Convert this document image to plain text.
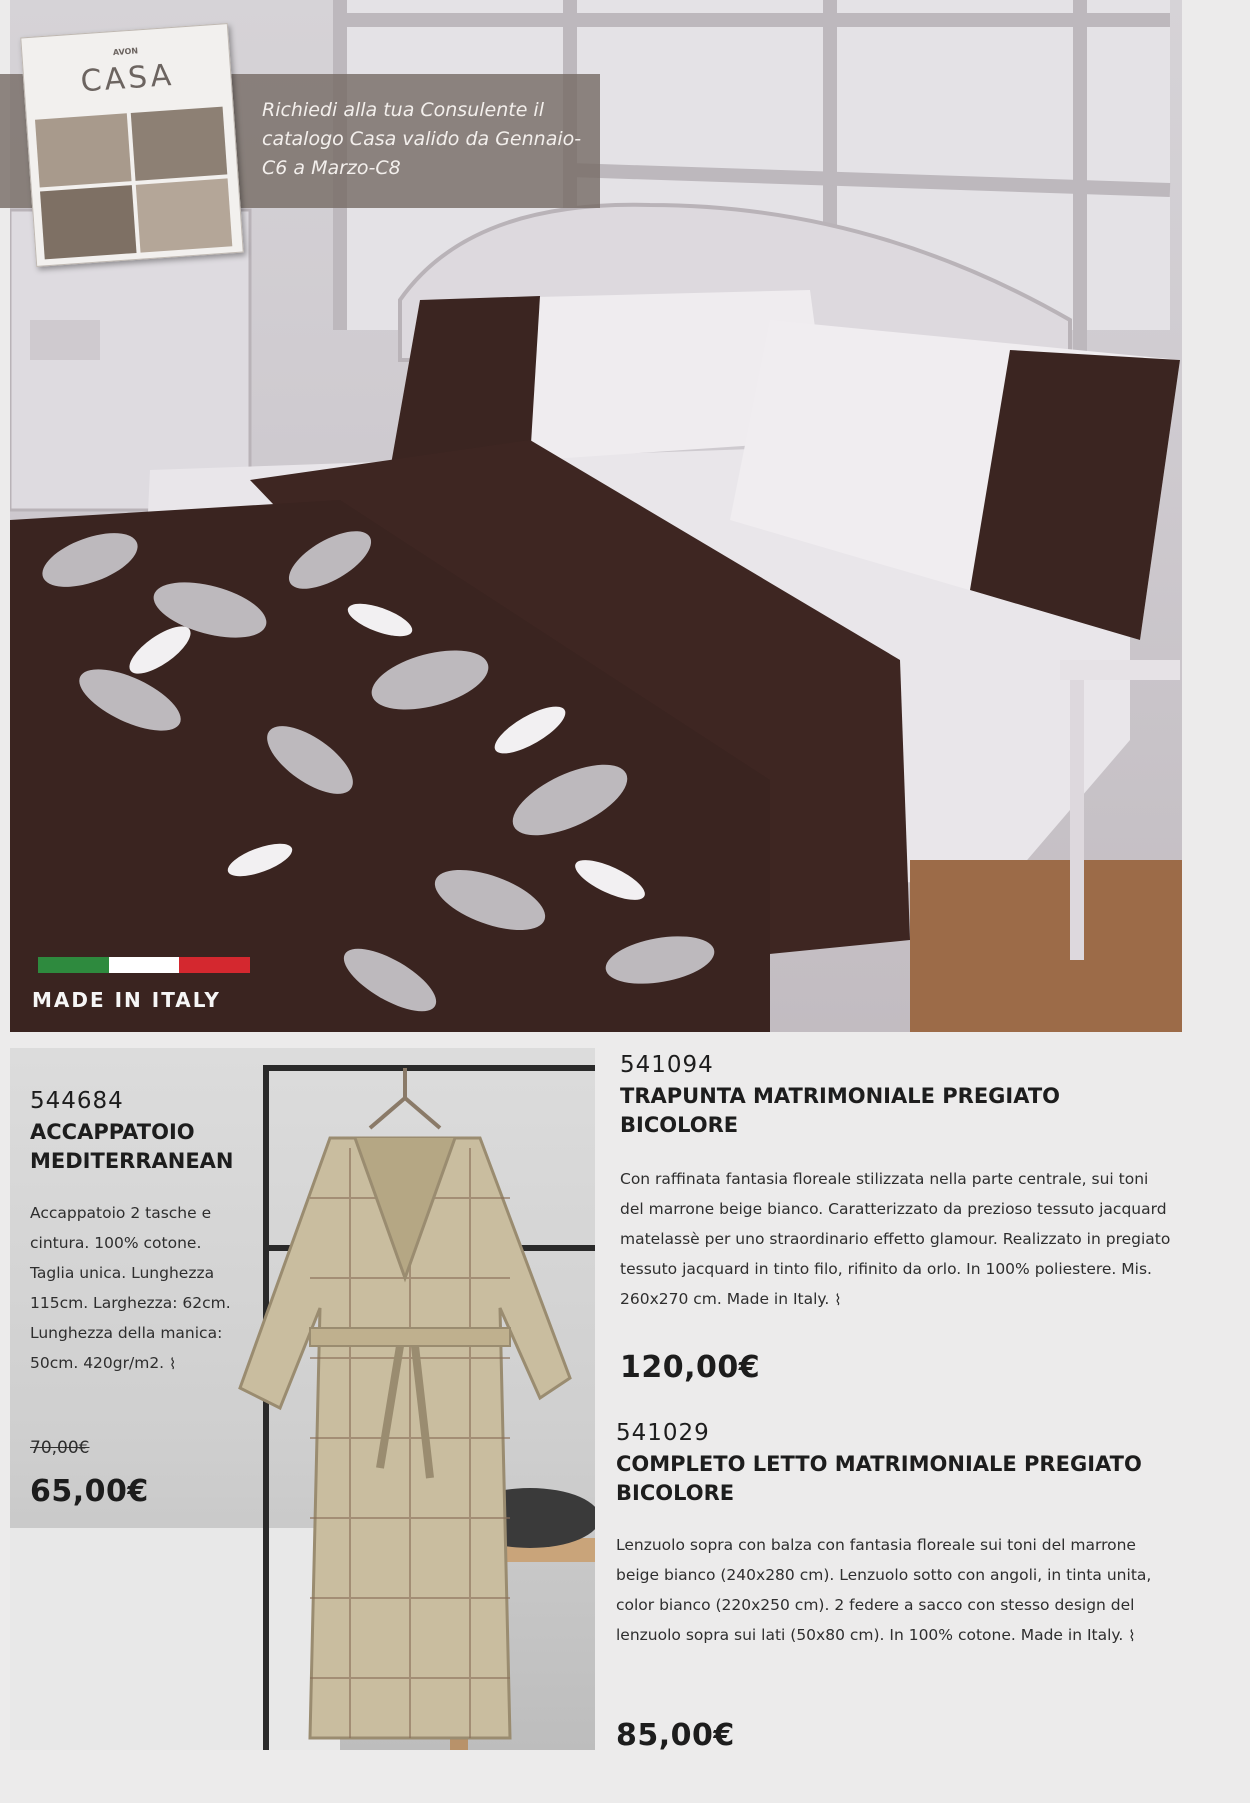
AVON
CASA
Richiedi alla tua Consulente il catalogo Casa valido da Gennaio-C6 a Marzo-C8
MADE IN ITALY
544684
ACCAPPATOIO MEDITERRANEAN
Accappatoio 2 tasche e cintura. 100% cotone. Taglia unica. Lunghezza 115cm. Larghezza: 62cm. Lunghezza della manica: 50cm. 420gr/m2. ⌇
70,00€
65,00€
541094
TRAPUNTA MATRIMONIALE PREGIATO BICOLORE
Con raffinata fantasia floreale stilizzata nella parte centrale, sui toni del marrone beige bianco. Caratterizzato da prezioso tessuto jacquard matelassè per uno straordinario effetto glamour. Realizzato in pregiato tessuto jacquard in tinto filo, rifinito da orlo. In 100% poliestere. Mis. 260x270 cm. Made in Italy. ⌇
120,00€
541029
COMPLETO LETTO MATRIMONIALE PREGIATO BICOLORE
Lenzuolo sopra con balza con fantasia floreale sui toni del marrone beige bianco (240x280 cm). Lenzuolo sotto con angoli, in tinta unita, color bianco (220x250 cm). 2 federe a sacco con stesso design del lenzuolo sopra sui lati (50x80 cm). In 100% cotone. Made in Italy. ⌇
85,00€
